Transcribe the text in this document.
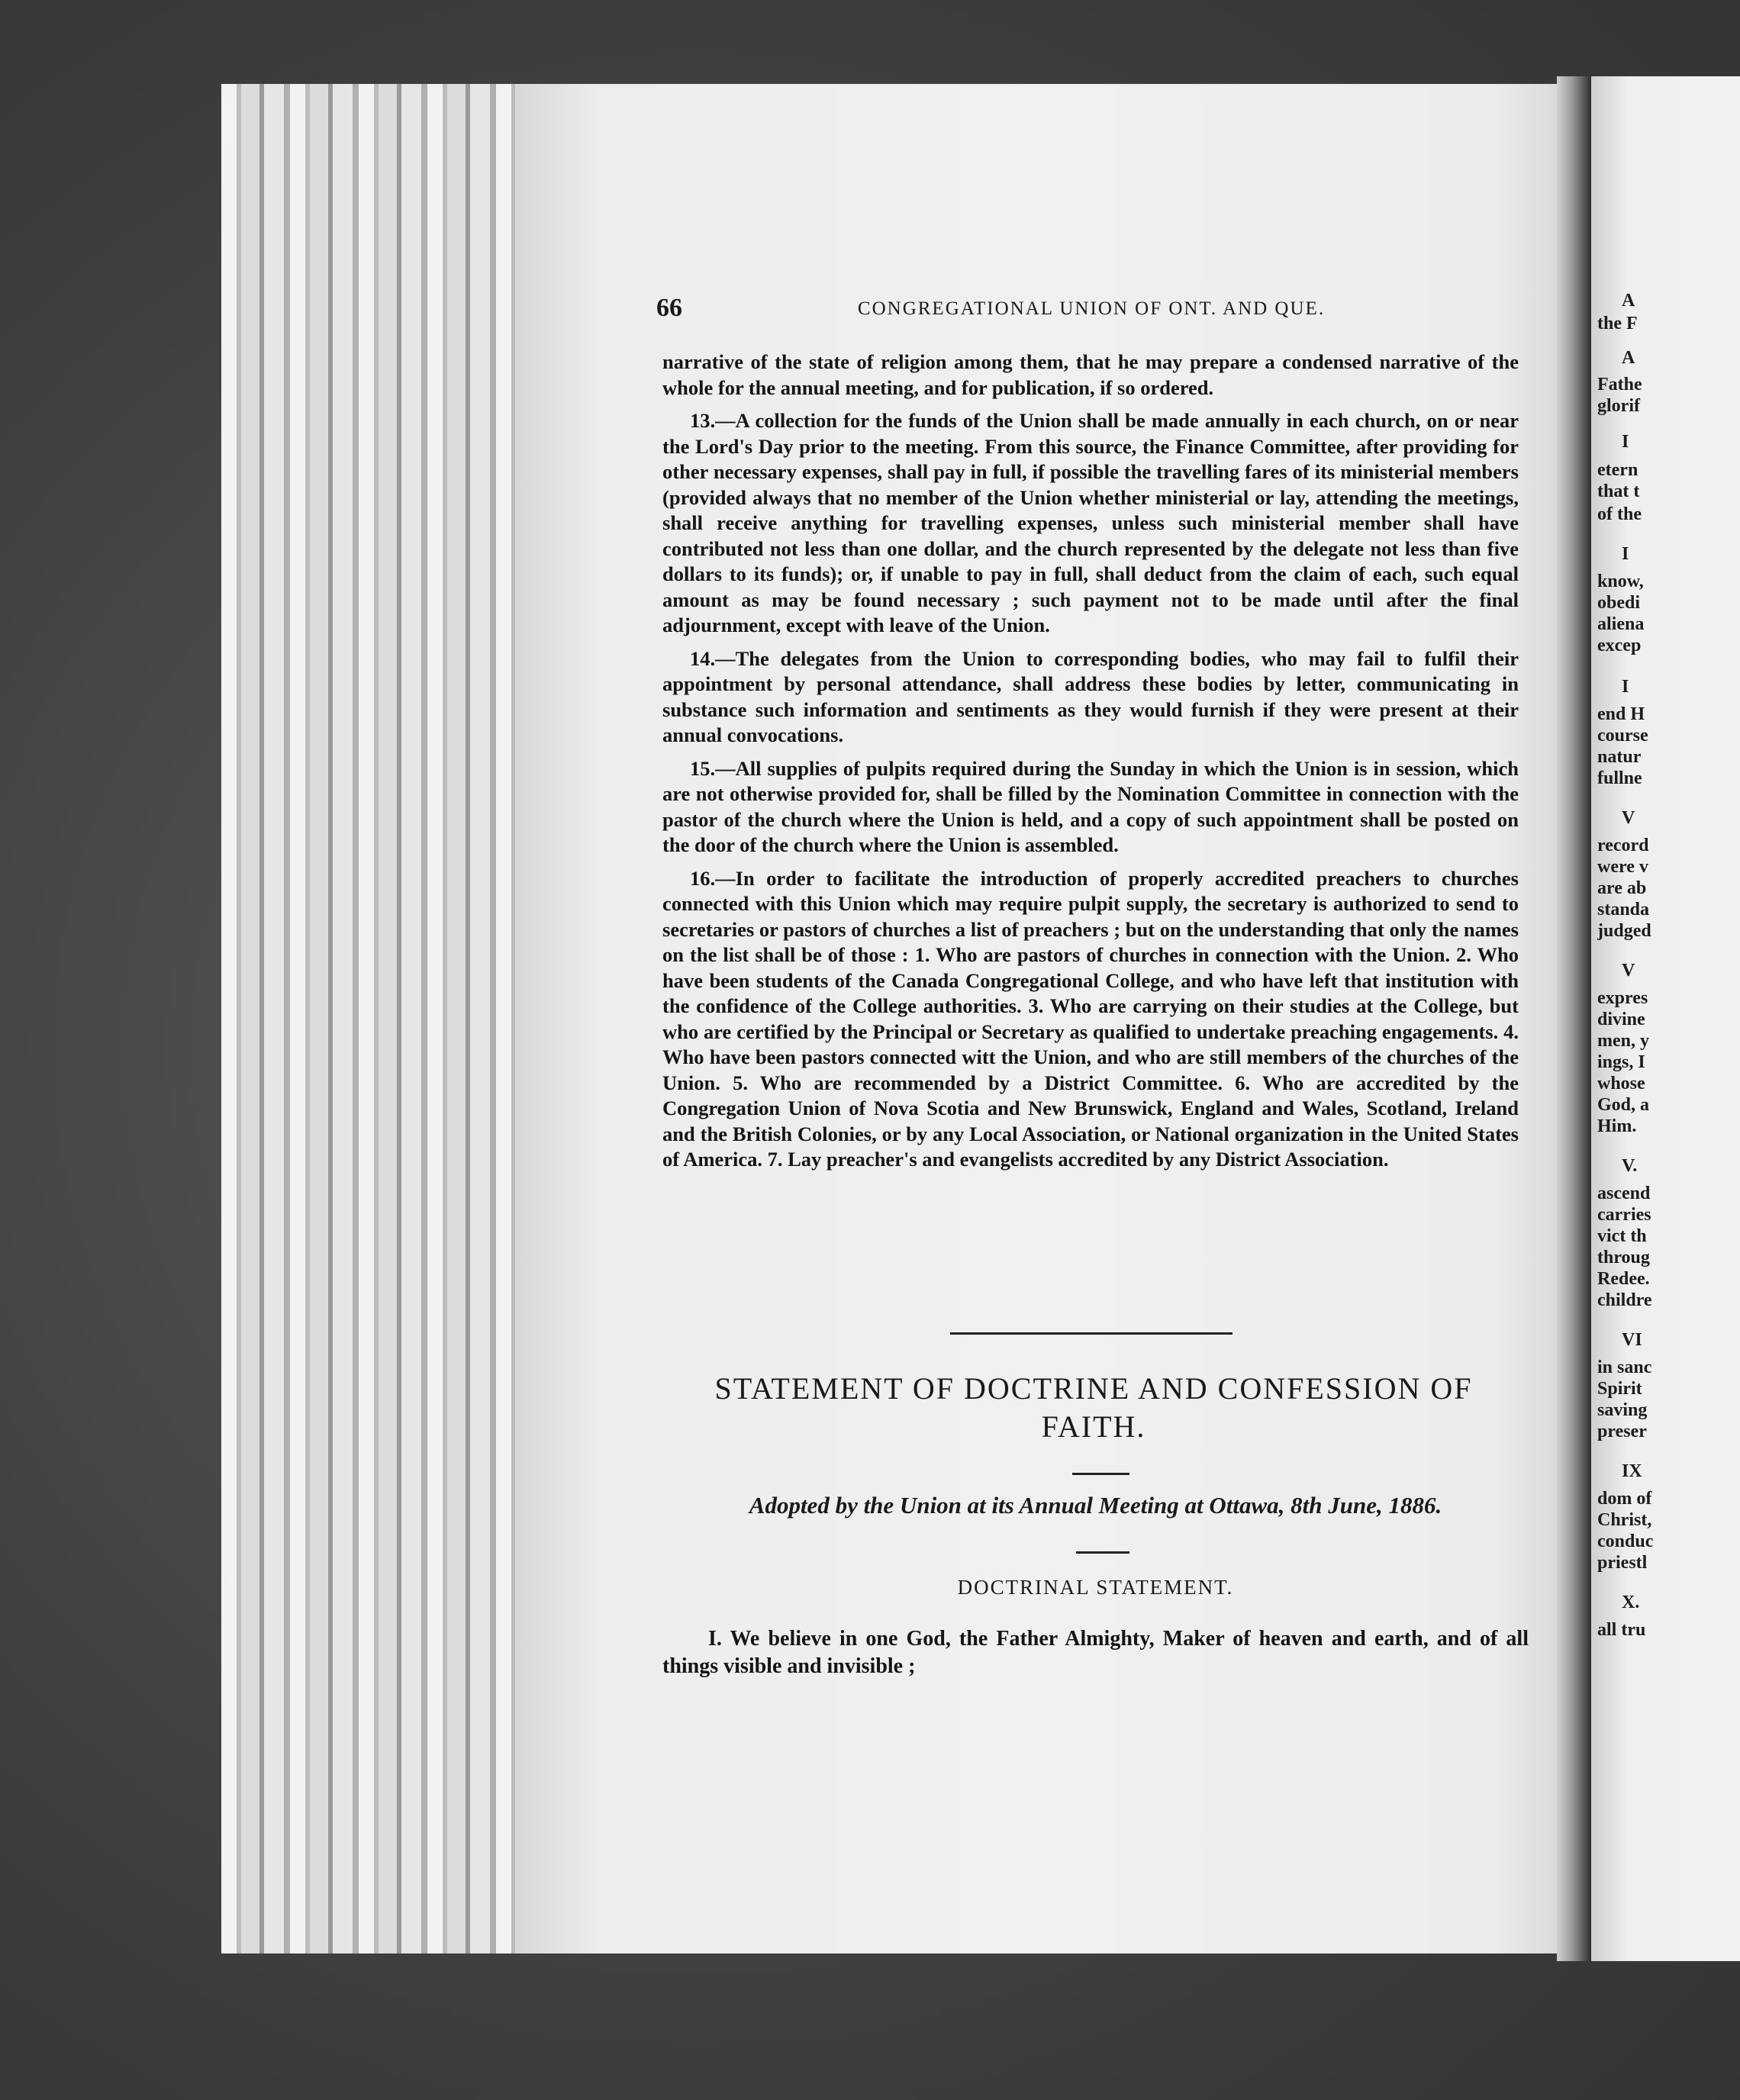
A
the F
A
Fathe
glorif
I
etern
that t
of the
I
know,
obedi
aliena
excep
I
end H
course
natur
fullne
V
record
were v
are ab
standa
judged
V
expres
divine
men, y
ings, I
whose
God, a
Him.
V.
ascend
carries
vict th
throug
Redee.
childre
VI
in sanc
Spirit
saving
preser
IX
dom of
Christ,
conduc
priestl
X.
all tru
66	CONGREGATIONAL UNION OF ONT. AND QUE.

narrative of the state of religion among them, that he may prepare a condensed narrative of the whole for the annual meeting, and for publication, if so ordered.

13.—A collection for the funds of the Union shall be made annually in each church, on or near the Lord's Day prior to the meeting. From this source, the Finance Committee, after providing for other necessary expenses, shall pay in full, if possible the travelling fares of its ministerial members (provided always that no member of the Union whether ministerial or lay, attending the meetings, shall receive anything for travelling expenses, unless such ministerial member shall have contributed not less than one dollar, and the church represented by the delegate not less than five dollars to its funds); or, if unable to pay in full, shall deduct from the claim of each, such equal amount as may be found necessary ; such payment not to be made until after the final adjournment, except with leave of the Union.

14.—The delegates from the Union to corresponding bodies, who may fail to fulfil their appointment by personal attendance, shall address these bodies by letter, communicating in substance such information and sentiments as they would furnish if they were present at their annual convocations.

15.—All supplies of pulpits required during the Sunday in which the Union is in session, which are not otherwise provided for, shall be filled by the Nomination Committee in connection with the pastor of the church where the Union is held, and a copy of such appointment shall be posted on the door of the church where the Union is assembled.

16.—In order to facilitate the introduction of properly accredited preachers to churches connected with this Union which may require pulpit supply, the secretary is authorized to send to secretaries or pastors of churches a list of preachers ; but on the understanding that only the names on the list shall be of those : 1. Who are pastors of churches in connection with the Union. 2. Who have been students of the Canada Congregational College, and who have left that institution with the confidence of the College authorities. 3. Who are carrying on their studies at the College, but who are certified by the Principal or Secretary as qualified to undertake preaching engagements. 4. Who have been pastors connected witt the Union, and who are still members of the churches of the Union. 5. Who are recommended by a District Committee. 6. Who are accredited by the Congregation Union of Nova Scotia and New Brunswick, England and Wales, Scotland, Ireland and the British Colonies, or by any Local Association, or National organization in the United States of America. 7. Lay preacher's and evangelists accredited by any District Association.

STATEMENT OF DOCTRINE AND CONFESSION OF FAITH.
Adopted by the Union at its Annual Meeting at Ottawa, 8th June, 1886.
DOCTRINAL STATEMENT.
I. We believe in one God, the Father Almighty, Maker of heaven and earth, and of all things visible and invisible ;
